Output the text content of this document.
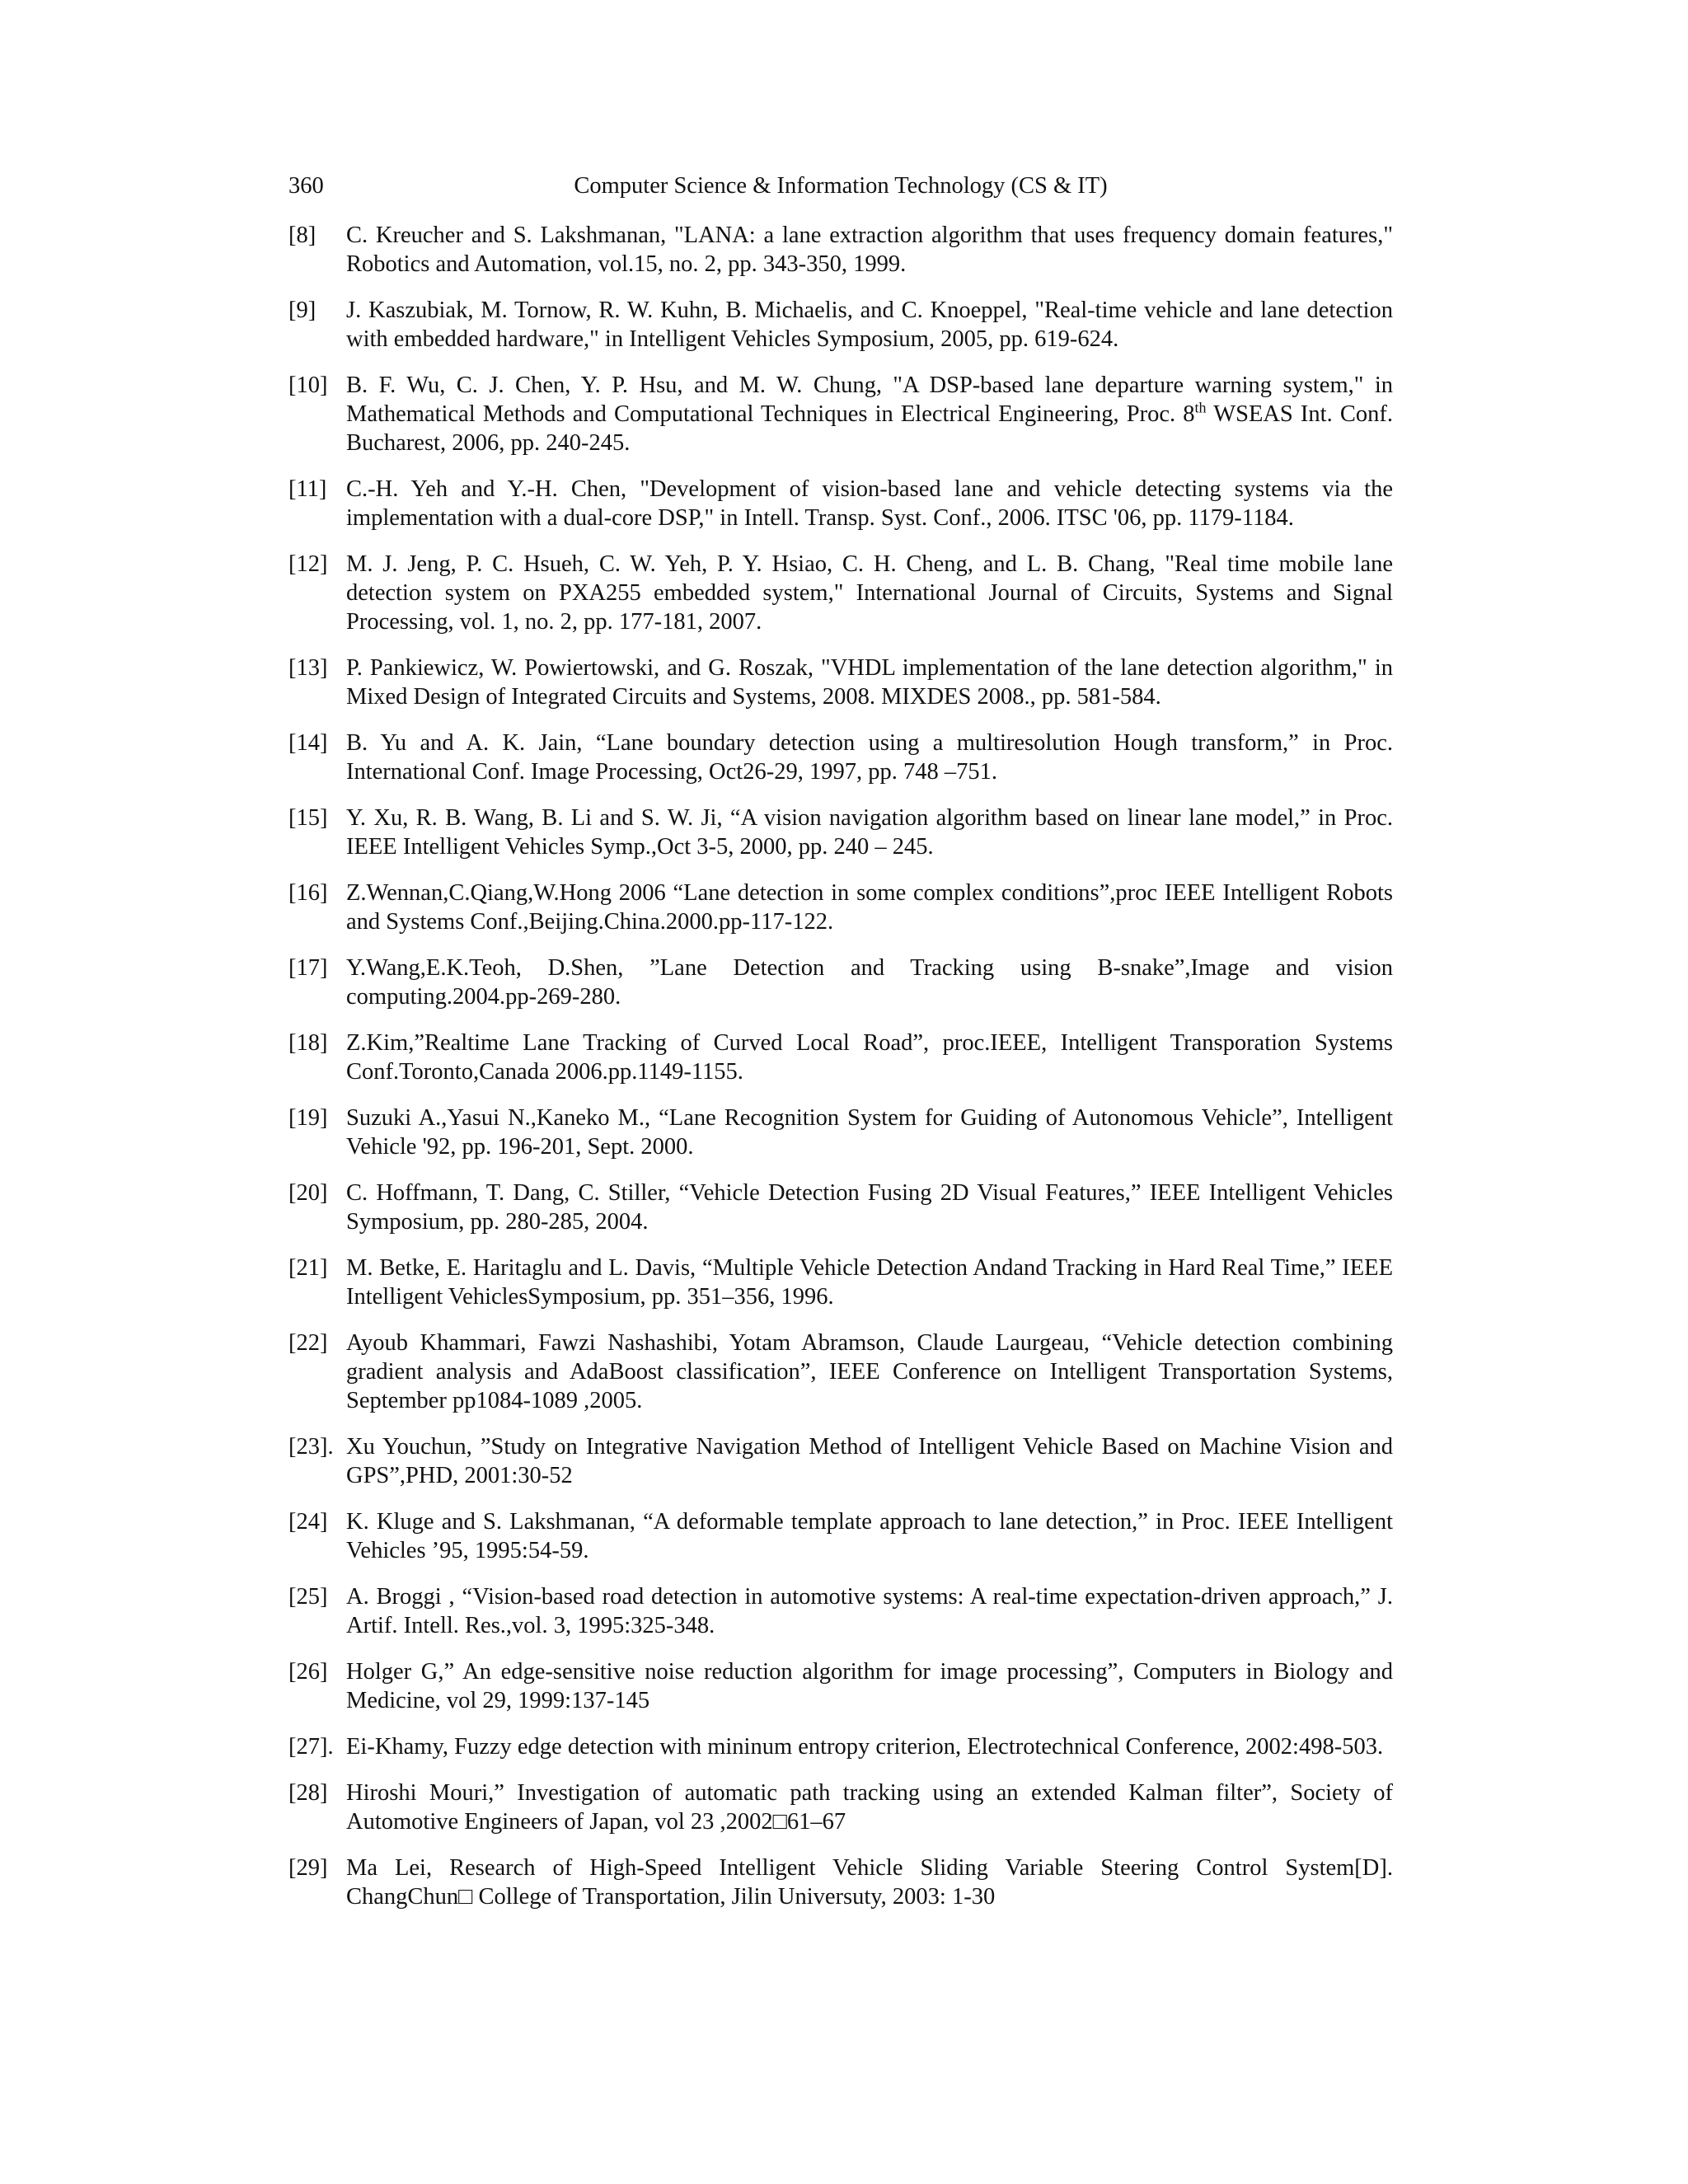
360	Computer Science & Information Technology (CS & IT)
[8] C. Kreucher and S. Lakshmanan, "LANA: a lane extraction algorithm that uses frequency domain features," Robotics and Automation, vol.15, no. 2, pp. 343-350, 1999.
[9] J. Kaszubiak, M. Tornow, R. W. Kuhn, B. Michaelis, and C. Knoeppel, "Real-time vehicle and lane detection with embedded hardware," in Intelligent Vehicles Symposium, 2005, pp. 619-624.
[10] B. F. Wu, C. J. Chen, Y. P. Hsu, and M. W. Chung, "A DSP-based lane departure warning system," in Mathematical Methods and Computational Techniques in Electrical Engineering, Proc. 8th WSEAS Int. Conf. Bucharest, 2006, pp. 240-245.
[11] C.-H. Yeh and Y.-H. Chen, "Development of vision-based lane and vehicle detecting systems via the implementation with a dual-core DSP," in Intell. Transp. Syst. Conf., 2006. ITSC '06, pp. 1179-1184.
[12] M. J. Jeng, P. C. Hsueh, C. W. Yeh, P. Y. Hsiao, C. H. Cheng, and L. B. Chang, "Real time mobile lane detection system on PXA255 embedded system," International Journal of Circuits, Systems and Signal Processing, vol. 1, no. 2, pp. 177-181, 2007.
[13] P. Pankiewicz, W. Powiertowski, and G. Roszak, "VHDL implementation of the lane detection algorithm," in Mixed Design of Integrated Circuits and Systems, 2008. MIXDES 2008., pp. 581-584.
[14] B. Yu and A. K. Jain, “Lane boundary detection using a multiresolution Hough transform,” in Proc. International Conf. Image Processing, Oct26-29, 1997, pp. 748 –751.
[15] Y. Xu, R. B. Wang, B. Li and S. W. Ji, “A vision navigation algorithm based on linear lane model,” in Proc. IEEE Intelligent Vehicles Symp.,Oct 3-5, 2000, pp. 240 – 245.
[16] Z.Wennan,C.Qiang,W.Hong 2006 “Lane detection in some complex conditions”,proc IEEE Intelligent Robots and Systems Conf.,Beijing.China.2000.pp-117-122.
[17] Y.Wang,E.K.Teoh, D.Shen, ”Lane Detection and Tracking using B-snake”,Image and vision computing.2004.pp-269-280.
[18] Z.Kim,”Realtime Lane Tracking of Curved Local Road”, proc.IEEE, Intelligent Transporation Systems Conf.Toronto,Canada 2006.pp.1149-1155.
[19] Suzuki A.,Yasui N.,Kaneko M., “Lane Recognition System for Guiding of Autonomous Vehicle”, Intelligent Vehicle '92, pp. 196-201, Sept. 2000.
[20] C. Hoffmann, T. Dang, C. Stiller, “Vehicle Detection Fusing 2D Visual Features,” IEEE Intelligent Vehicles Symposium, pp. 280-285, 2004.
[21] M. Betke, E. Haritaglu and L. Davis, “Multiple Vehicle Detection Andand Tracking in Hard Real Time,” IEEE Intelligent VehiclesSymposium, pp. 351–356, 1996.
[22] Ayoub Khammari, Fawzi Nashashibi, Yotam Abramson, Claude Laurgeau, “Vehicle detection combining gradient analysis and AdaBoost classification”, IEEE Conference on Intelligent Transportation Systems, September pp1084-1089 ,2005.
[23]. Xu Youchun, ”Study on Integrative Navigation Method of Intelligent Vehicle Based on Machine Vision and GPS”,PHD, 2001:30-52
[24] K. Kluge and S. Lakshmanan, “A deformable template approach to lane detection,” in Proc. IEEE Intelligent Vehicles ’95, 1995:54-59.
[25] A. Broggi , “Vision-based road detection in automotive systems: A real-time expectation-driven approach,” J. Artif. Intell. Res.,vol. 3, 1995:325-348.
[26] Holger G,” An edge-sensitive noise reduction algorithm for image processing”, Computers in Biology and Medicine, vol 29, 1999:137-145
[27]. Ei-Khamy, Fuzzy edge detection with mininum entropy criterion, Electrotechnical Conference, 2002:498-503.
[28] Hiroshi Mouri,” Investigation of automatic path tracking using an extended Kalman filter”, Society of Automotive Engineers of Japan, vol 23 ,2002□61–67
[29] Ma Lei, Research of High-Speed Intelligent Vehicle Sliding Variable Steering Control System[D]. ChangChun□ College of Transportation, Jilin Universuty, 2003: 1-30
